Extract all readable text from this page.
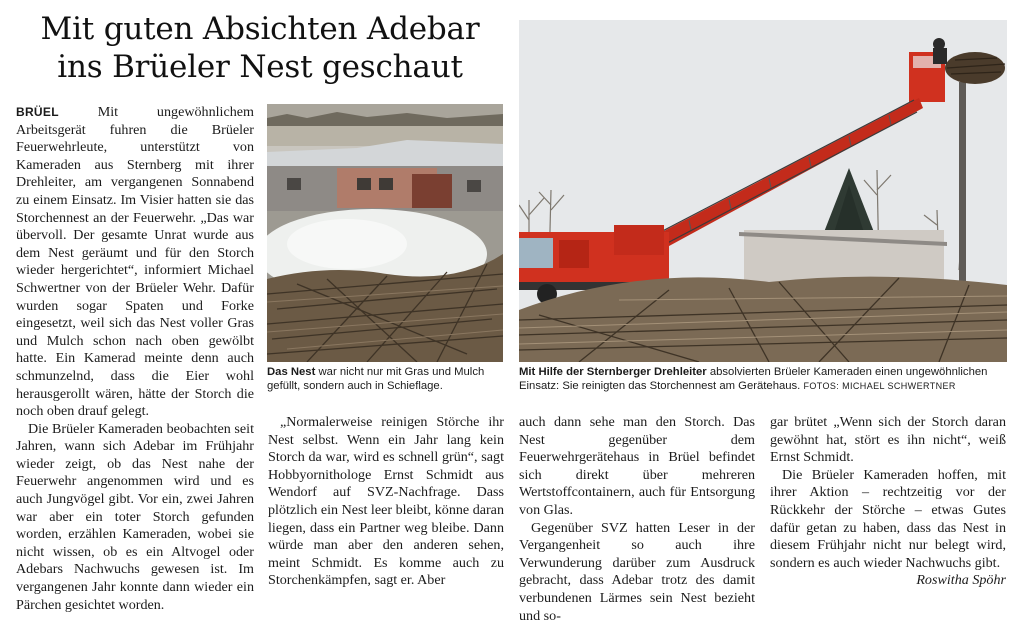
Mit guten Absichten Adebar
ins Brüeler Nest geschaut

BRÜEL	Mit ungewöhnlichem Arbeitsgerät fuhren die Brüeler Feuerwehrleute, unterstützt von Kameraden aus Sternberg mit ihrer Drehleiter, am vergangenen Sonnabend zu einem Einsatz. Im Visier hatten sie das Storchennest an der Feuerwehr. „Das war übervoll. Der gesamte Unrat wurde aus dem Nest geräumt und für den Storch wieder hergerichtet“, informiert Michael Schwertner von der Brüeler Wehr. Dafür wurden sogar Spaten und Forke eingesetzt, weil sich das Nest voller Gras und Mulch schon nach oben gewölbt hatte. Ein Kamerad meinte denn auch schmunzelnd, dass die Eier wohl herausgerollt wären, hätte der Storch die noch oben drauf gelegt.

Die Brüeler Kameraden beobachten seit Jahren, wann sich Adebar im Frühjahr wieder zeigt, ob das Nest nahe der Feuerwehr angenommen wird und es auch Jungvögel gibt. Vor ein, zwei Jahren war aber ein toter Storch gefunden worden, erzählen Kameraden, wobei sie nicht wissen, ob es ein Altvogel oder Adebars Nachwuchs gewesen ist. Im vergangenen Jahr konnte dann wieder ein Pärchen gesichtet worden.

Das Nest war nicht nur mit Gras und Mulch gefüllt, sondern auch in Schieflage.
Mit Hilfe der Sternberger Drehleiter absolvierten Brüeler Kameraden einen ungewöhnlichen Einsatz: Sie reinigten das Storchennest am Gerätehaus. FOTOS: MICHAEL SCHWERTNER

„Normalerweise reinigen Störche ihr Nest selbst. Wenn ein Jahr lang kein Storch da war, wird es schnell grün“, sagt Hobbyornithologe Ernst Schmidt aus Wendorf auf SVZ-Nachfrage. Dass plötzlich ein Nest leer bleibt, könne daran liegen, dass ein Partner weg bleibe. Dann würde man aber den anderen sehen, meint Schmidt. Es komme auch zu Storchenkämpfen, sagt er. Aber

auch dann sehe man den Storch. Das Nest gegenüber dem Feuerwehrgerätehaus in Brüel befindet sich direkt über mehreren Wertstoffcontainern, auch für Entsorgung von Glas.

Gegenüber SVZ hatten Leser in der Vergangenheit so auch ihre Verwunderung darüber zum Ausdruck gebracht, dass Adebar trotz des damit verbundenen Lärmes sein Nest bezieht und so-

gar brütet „Wenn sich der Storch daran gewöhnt hat, stört es ihn nicht“, weiß Ernst Schmidt.

Die Brüeler Kameraden hoffen, mit ihrer Aktion – rechtzeitig vor der Rückkehr der Störche – etwas Gutes dafür getan zu haben, dass das Nest in diesem Frühjahr nicht nur belegt wird, sondern es auch wieder Nachwuchs gibt.

Roswitha Spöhr
